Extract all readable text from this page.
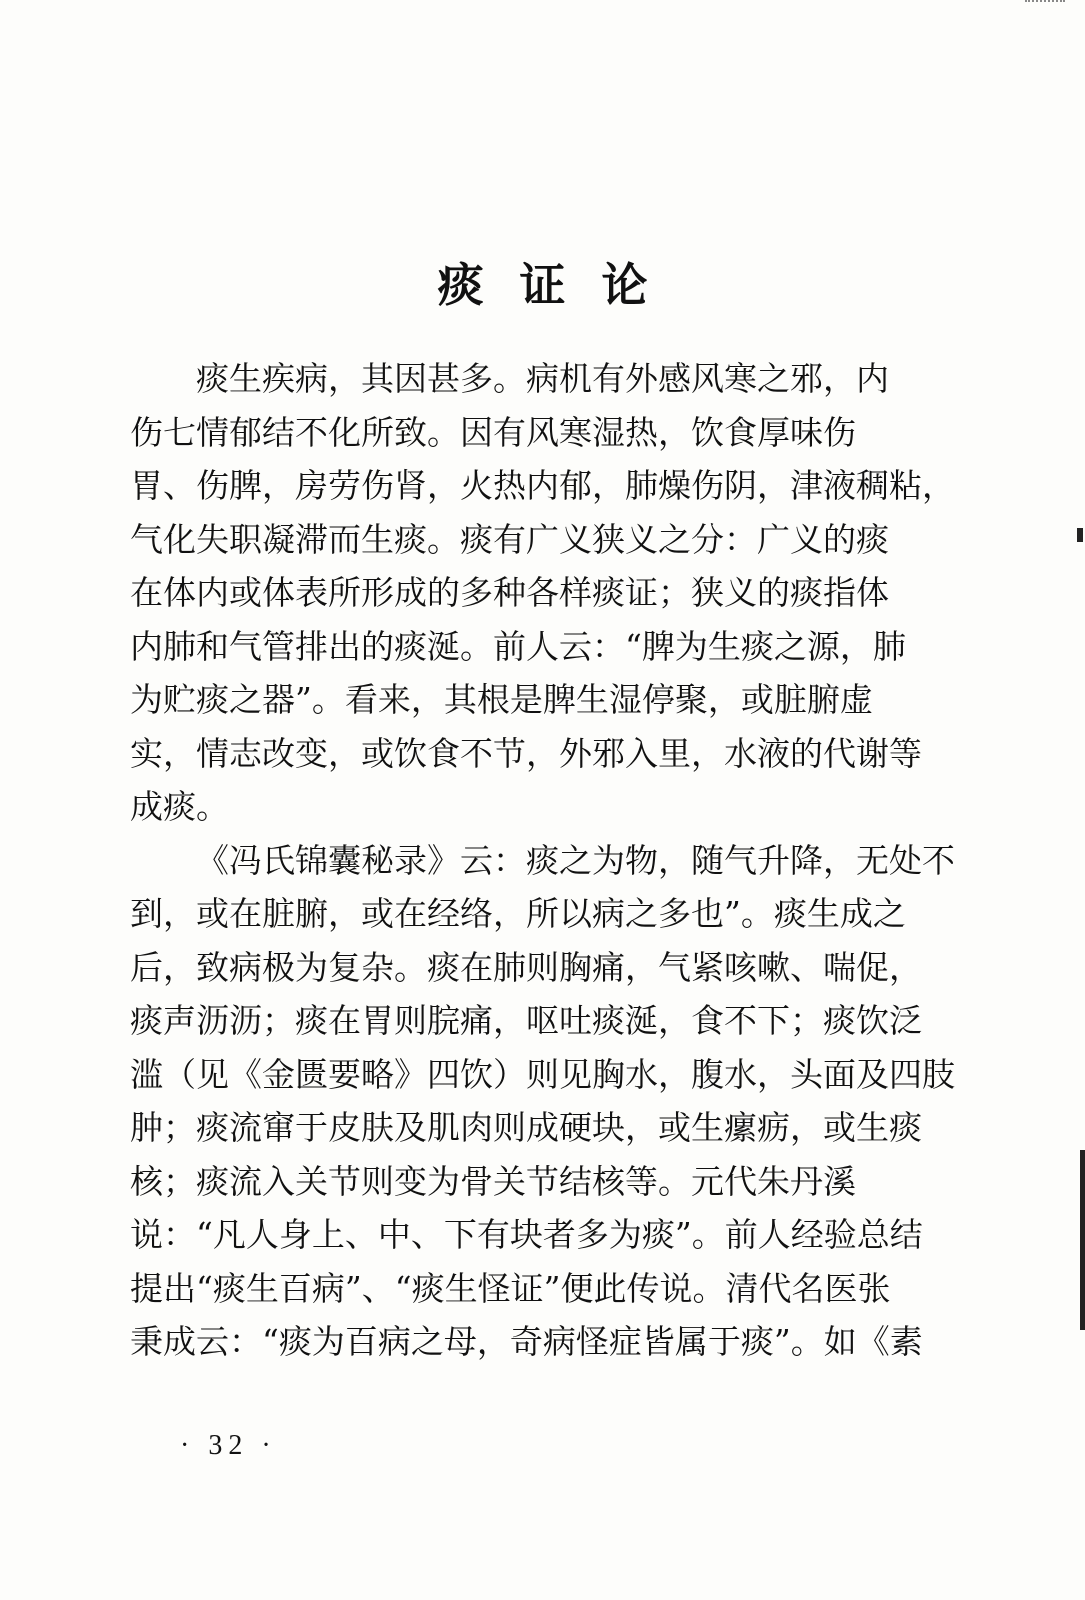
痰 证 论
痰生疾病，其因甚多。病机有外感风寒之邪，内
伤七情郁结不化所致。因有风寒湿热，饮食厚味伤
胃、伤脾，房劳伤肾，火热内郁，肺燥伤阴，津液稠粘，
气化失职凝滞而生痰。痰有广义狭义之分：广义的痰
在体内或体表所形成的多种各样痰证；狭义的痰指体
内肺和气管排出的痰涎。前人云：“脾为生痰之源，肺
为贮痰之器”。看来，其根是脾生湿停聚，或脏腑虚
实，情志改变，或饮食不节，外邪入里，水液的代谢等
成痰。
《冯氏锦囊秘录》云：痰之为物，随气升降，无处不
到，或在脏腑，或在经络，所以病之多也”。痰生成之
后，致病极为复杂。痰在肺则胸痛，气紧咳嗽、喘促，
痰声沥沥；痰在胃则脘痛，呕吐痰涎，食不下；痰饮泛
滥（见《金匮要略》四饮）则见胸水，腹水，头面及四肢
肿；痰流窜于皮肤及肌肉则成硬块，或生瘰疬，或生痰
核；痰流入关节则变为骨关节结核等。元代朱丹溪
说：“凡人身上、中、下有块者多为痰”。前人经验总结
提出“痰生百病”、“痰生怪证”便此传说。清代名医张
秉成云：“痰为百病之母，奇病怪症皆属于痰”。如《素
· 32 ·
